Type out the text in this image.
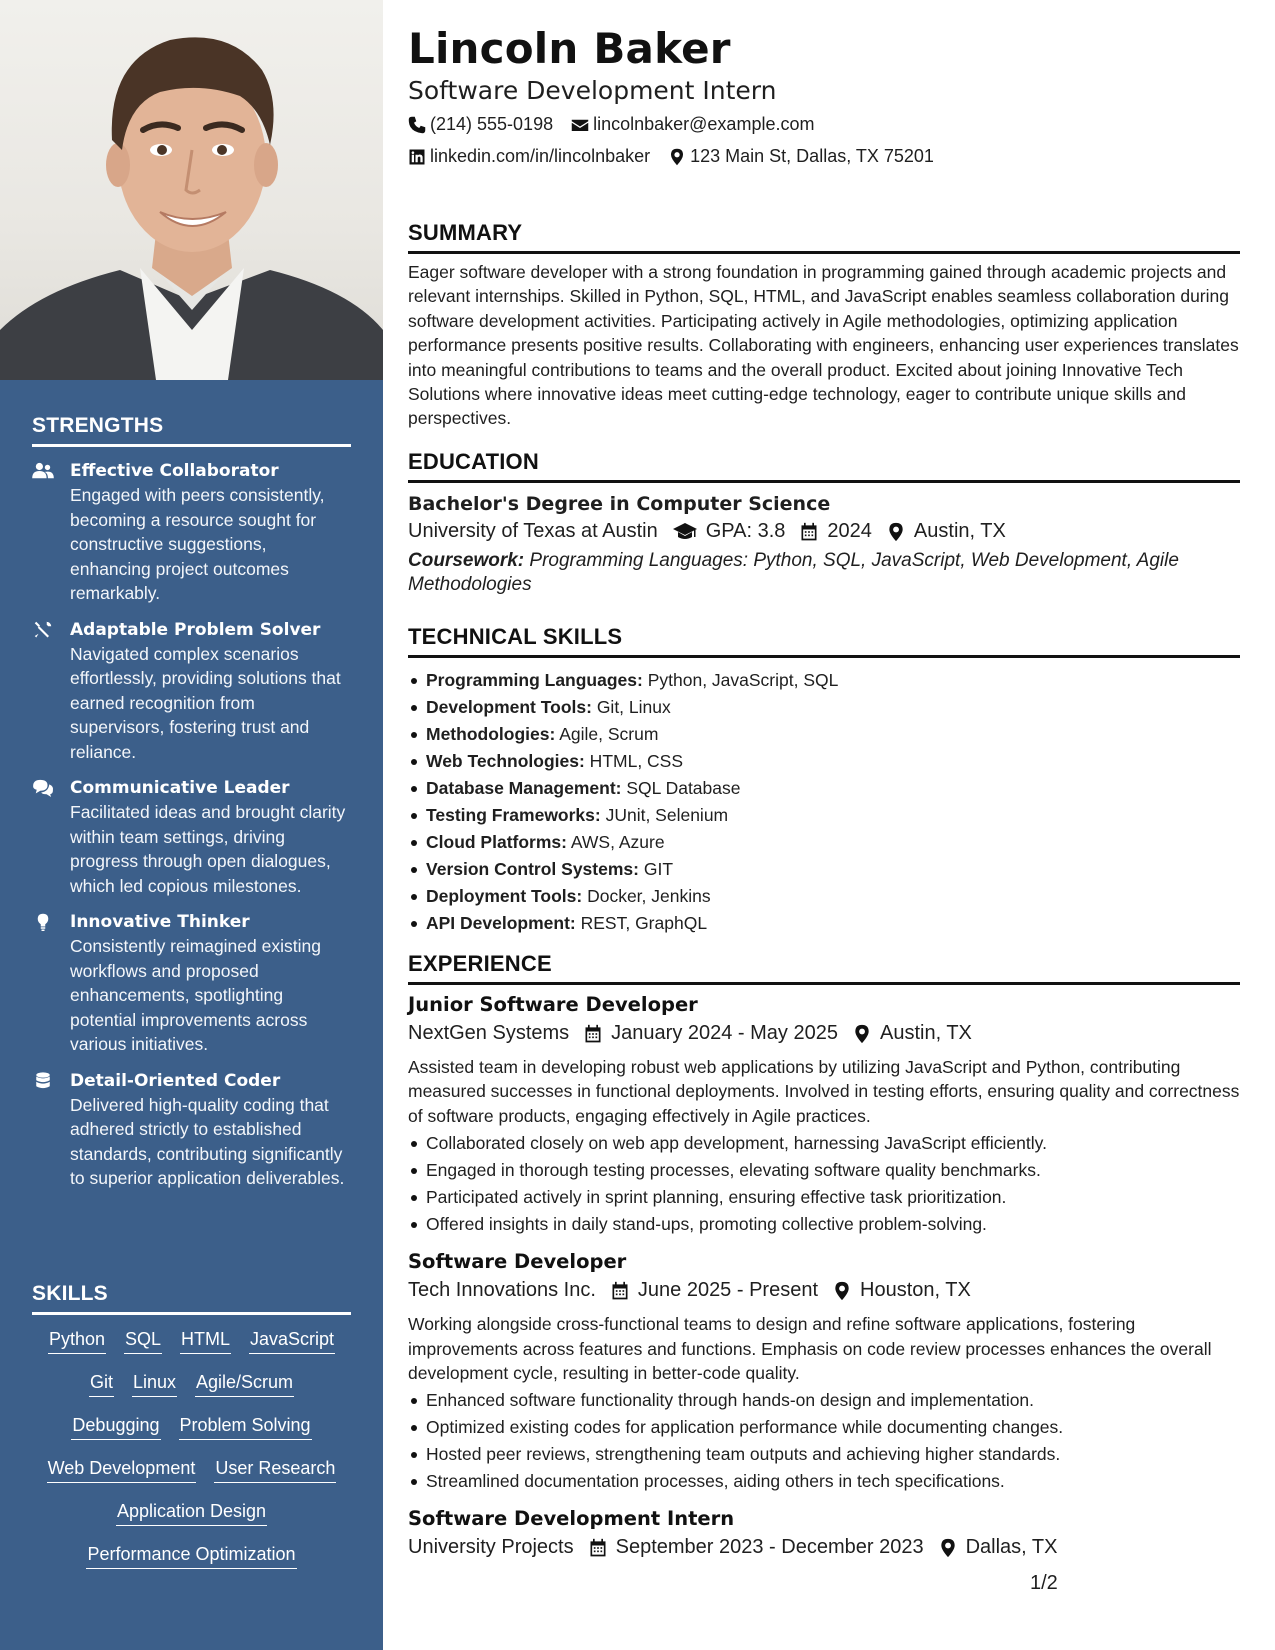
STRENGTHS
Effective Collaborator
Engaged with peers consistently, becoming a resource sought for constructive suggestions, enhancing project outcomes remarkably.
Adaptable Problem Solver
Navigated complex scenarios effortlessly, providing solutions that earned recognition from supervisors, fostering trust and reliance.
Communicative Leader
Facilitated ideas and brought clarity within team settings, driving progress through open dialogues, which led copious milestones.
Innovative Thinker
Consistently reimagined existing workflows and proposed enhancements, spotlighting potential improvements across various initiatives.
Detail-Oriented Coder
Delivered high-quality coding that adhered strictly to established standards, contributing significantly to superior application deliverables.
SKILLS
Python SQL HTML JavaScript
Git Linux Agile/Scrum
Debugging Problem Solving
Web Development User Research
Application Design
Performance Optimization
Lincoln Baker
Software Development Intern
(214) 555-0198 lincolnbaker@example.com
linkedin.com/in/lincolnbaker 123 Main St, Dallas, TX 75201
SUMMARY
Eager software developer with a strong foundation in programming gained through academic projects and relevant internships. Skilled in Python, SQL, HTML, and JavaScript enables seamless collaboration during software development activities. Participating actively in Agile methodologies, optimizing application performance presents positive results. Collaborating with engineers, enhancing user experiences translates into meaningful contributions to teams and the overall product. Excited about joining Innovative Tech Solutions where innovative ideas meet cutting-edge technology, eager to contribute unique skills and perspectives.
EDUCATION
Bachelor's Degree in Computer Science
University of Texas at Austin GPA: 3.8 2024 Austin, TX
Coursework: Programming Languages: Python, SQL, JavaScript, Web Development, Agile Methodologies
TECHNICAL SKILLS
Programming Languages: Python, JavaScript, SQL
Development Tools: Git, Linux
Methodologies: Agile, Scrum
Web Technologies: HTML, CSS
Database Management: SQL Database
Testing Frameworks: JUnit, Selenium
Cloud Platforms: AWS, Azure
Version Control Systems: GIT
Deployment Tools: Docker, Jenkins
API Development: REST, GraphQL
EXPERIENCE
Junior Software Developer
NextGen Systems January 2024 - May 2025 Austin, TX
Assisted team in developing robust web applications by utilizing JavaScript and Python, contributing measured successes in functional deployments. Involved in testing efforts, ensuring quality and correctness of software products, engaging effectively in Agile practices.
Collaborated closely on web app development, harnessing JavaScript efficiently.
Engaged in thorough testing processes, elevating software quality benchmarks.
Participated actively in sprint planning, ensuring effective task prioritization.
Offered insights in daily stand-ups, promoting collective problem-solving.
Software Developer
Tech Innovations Inc. June 2025 - Present Houston, TX
Working alongside cross-functional teams to design and refine software applications, fostering improvements across features and functions. Emphasis on code review processes enhances the overall development cycle, resulting in better-code quality.
Enhanced software functionality through hands-on design and implementation.
Optimized existing codes for application performance while documenting changes.
Hosted peer reviews, strengthening team outputs and achieving higher standards.
Streamlined documentation processes, aiding others in tech specifications.
Software Development Intern
University Projects September 2023 - December 2023 Dallas, TX
1/2
